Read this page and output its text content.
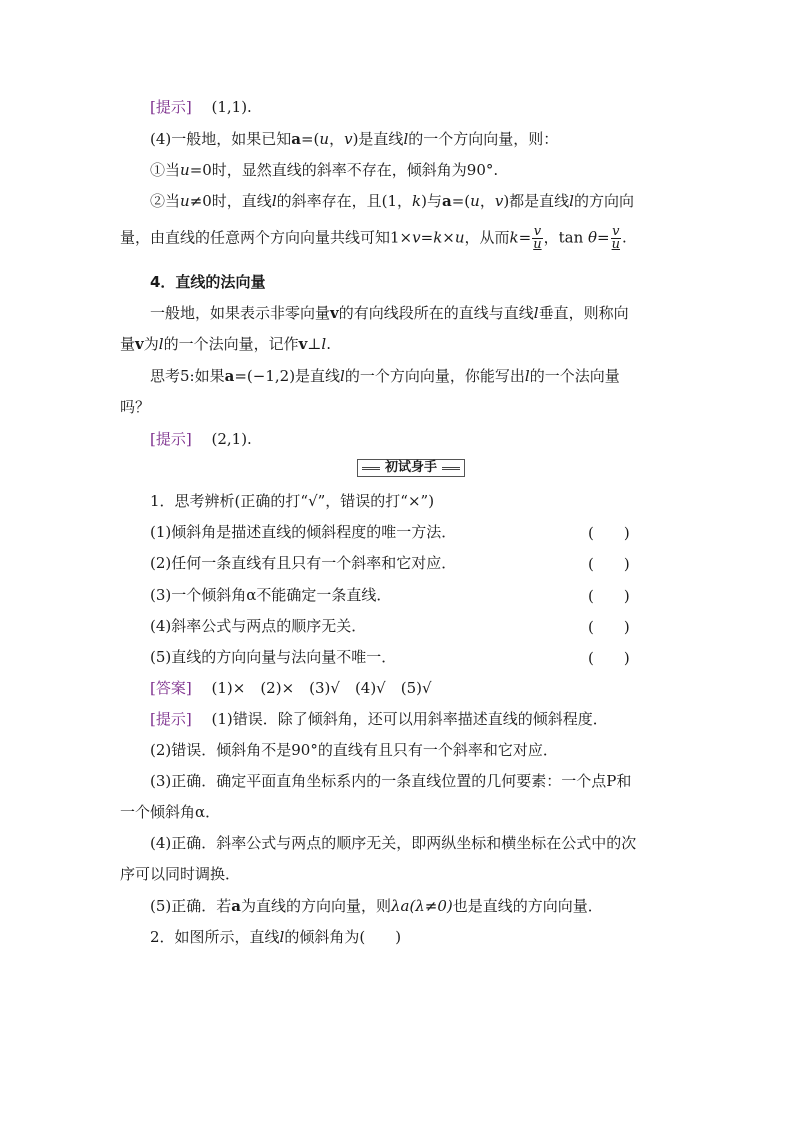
[提示]　 (1,1).
(4)一般地，如果已知a=(u，v)是直线l的一个方向向量，则：
①当u=0时，显然直线的斜率不存在，倾斜角为90°.
②当u≠0时，直线l的斜率存在，且(1，k)与a=(u，v)都是直线l的方向向
量，由直线的任意两个方向向量共线可知1×v=k×u，从而$k= \frac{v}{u}$ ，$\tan \theta= \frac{v}{u}$ .
4．直线的法向量
一般地，如果表示非零向量v的有向线段所在的直线与直线l垂直，则称向
量v为l的一个法向量，记作v⊥l.
思考5:如果a=(−1,2)是直线l的一个方向向量，你能写出l的一个法向量
吗？
[提示]　 (2,1).
初试身手
1．思考辨析(正确的打“√”，错误的打“×”)
(1)倾斜角是描述直线的倾斜程度的唯一方法．	(　　)
(2)任何一条直线有且只有一个斜率和它对应．	(　　)
(3)一个倾斜角α不能确定一条直线．	(　　)
(4)斜率公式与两点的顺序无关．	(　　)
(5)直线的方向向量与法向量不唯一．	(　　)
[答案]　 (1)×　(2)×　(3)√　(4)√　(5)√
[提示]　 (1)错误．除了倾斜角，还可以用斜率描述直线的倾斜程度．
(2)错误．倾斜角不是90°的直线有且只有一个斜率和它对应．
(3)正确．确定平面直角坐标系内的一条直线位置的几何要素：一个点P和
一个倾斜角α．
(4)正确．斜率公式与两点的顺序无关，即两纵坐标和横坐标在公式中的次
序可以同时调换．
(5)正确．若a为直线的方向向量，则λa(λ≠0)也是直线的方向向量．
2．如图所示，直线l的倾斜角为(　　)
